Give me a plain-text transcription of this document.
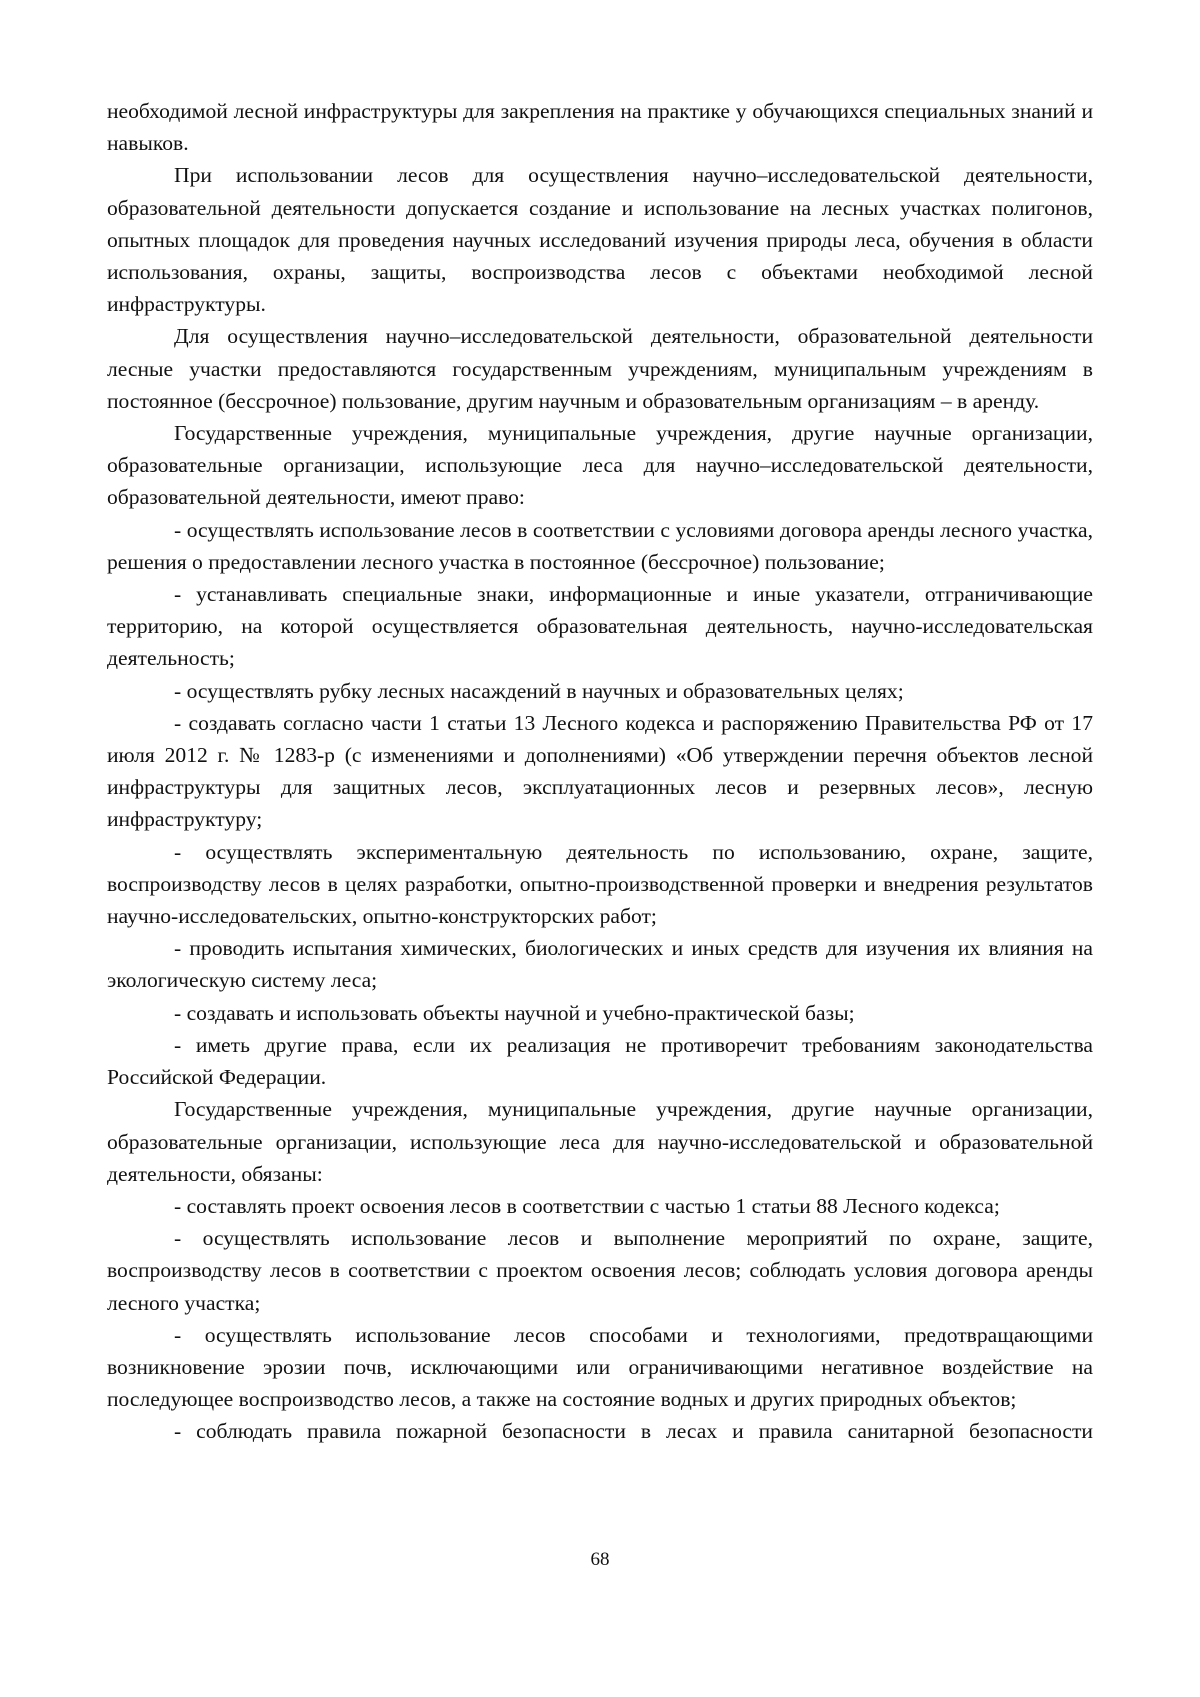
необходимой лесной инфраструктуры для закрепления на практике у обучающихся специальных знаний и навыков.

При использовании лесов для осуществления научно–исследовательской деятельности, образовательной деятельности допускается создание и использование на лесных участках полигонов, опытных площадок для проведения научных исследований изучения природы леса, обучения в области использования, охраны, защиты, воспроизводства лесов с объектами необходимой лесной инфраструктуры.

Для осуществления научно–исследовательской деятельности, образовательной деятельности лесные участки предоставляются государственным учреждениям, муниципальным учреждениям в постоянное (бессрочное) пользование, другим научным и образовательным организациям – в аренду.

Государственные учреждения, муниципальные учреждения, другие научные организации, образовательные организации, использующие леса для научно–исследовательской деятельности, образовательной деятельности, имеют право:

- осуществлять использование лесов в соответствии с условиями договора аренды лесного участка, решения о предоставлении лесного участка в постоянное (бессрочное) пользование;

- устанавливать специальные знаки, информационные и иные указатели, отграничивающие территорию, на которой осуществляется образовательная деятельность, научно-исследовательская деятельность;

- осуществлять рубку лесных насаждений в научных и образовательных целях;

- создавать согласно части 1 статьи 13 Лесного кодекса и распоряжению Правительства РФ от 17 июля 2012 г. № 1283-р (с изменениями и дополнениями) «Об утверждении перечня объектов лесной инфраструктуры для защитных лесов, эксплуатационных лесов и резервных лесов», лесную инфраструктуру;

- осуществлять экспериментальную деятельность по использованию, охране, защите, воспроизводству лесов в целях разработки, опытно-производственной проверки и внедрения результатов научно-исследовательских, опытно-конструкторских работ;

- проводить испытания химических, биологических и иных средств для изучения их влияния на экологическую систему леса;

- создавать и использовать объекты научной и учебно-практической базы;

- иметь другие права, если их реализация не противоречит требованиям законодательства Российской Федерации.

Государственные учреждения, муниципальные учреждения, другие научные организации, образовательные организации, использующие леса для научно-исследовательской и образовательной деятельности, обязаны:

- составлять проект освоения лесов в соответствии с частью 1 статьи 88 Лесного кодекса;

- осуществлять использование лесов и выполнение мероприятий по охране, защите, воспроизводству лесов в соответствии с проектом освоения лесов; соблюдать условия договора аренды лесного участка;

- осуществлять использование лесов способами и технологиями, предотвращающими возникновение эрозии почв, исключающими или ограничивающими негативное воздействие на последующее воспроизводство лесов, а также на состояние водных и других природных объектов;

- соблюдать правила пожарной безопасности в лесах и правила санитарной безопасности

68
